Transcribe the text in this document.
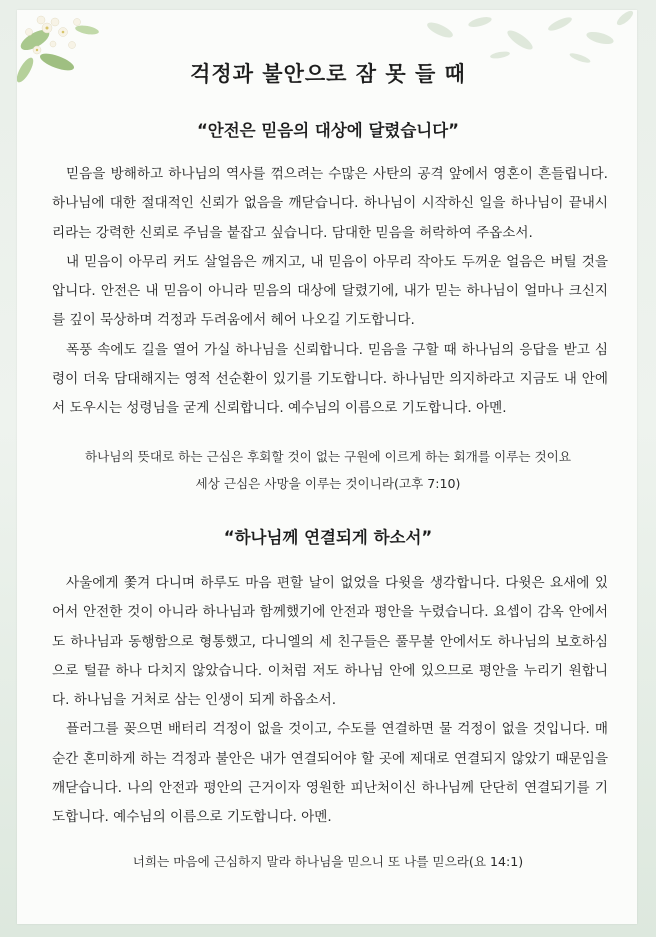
걱정과 불안으로 잠 못 들 때
“안전은 믿음의 대상에 달렸습니다”

믿음을 방해하고 하나님의 역사를 꺾으려는 수많은 사탄의 공격 앞에서 영혼이 흔들립니다. 하나님에 대한 절대적인 신뢰가 없음을 깨닫습니다. 하나님이 시작하신 일을 하나님이 끝내시리라는 강력한 신뢰로 주님을 붙잡고 싶습니다. 담대한 믿음을 허락하여 주옵소서.

내 믿음이 아무리 커도 살얼음은 깨지고, 내 믿음이 아무리 작아도 두꺼운 얼음은 버틸 것을 압니다. 안전은 내 믿음이 아니라 믿음의 대상에 달렸기에, 내가 믿는 하나님이 얼마나 크신지를 깊이 묵상하며 걱정과 두려움에서 헤어 나오길 기도합니다.

폭풍 속에도 길을 열어 가실 하나님을 신뢰합니다. 믿음을 구할 때 하나님의 응답을 받고 심령이 더욱 담대해지는 영적 선순환이 있기를 기도합니다. 하나님만 의지하라고 지금도 내 안에서 도우시는 성령님을 굳게 신뢰합니다. 예수님의 이름으로 기도합니다. 아멘.

하나님의 뜻대로 하는 근심은 후회할 것이 없는 구원에 이르게 하는 회개를 이루는 것이요
세상 근심은 사망을 이루는 것이니라(고후 7:10)
“하나님께 연결되게 하소서”

사울에게 쫓겨 다니며 하루도 마음 편할 날이 없었을 다윗을 생각합니다. 다윗은 요새에 있어서 안전한 것이 아니라 하나님과 함께했기에 안전과 평안을 누렸습니다. 요셉이 감옥 안에서도 하나님과 동행함으로 형통했고, 다니엘의 세 친구들은 풀무불 안에서도 하나님의 보호하심으로 털끝 하나 다치지 않았습니다. 이처럼 저도 하나님 안에 있으므로 평안을 누리기 원합니다. 하나님을 거처로 삼는 인생이 되게 하옵소서.

플러그를 꽂으면 배터리 걱정이 없을 것이고, 수도를 연결하면 물 걱정이 없을 것입니다. 매순간 혼미하게 하는 걱정과 불안은 내가 연결되어야 할 곳에 제대로 연결되지 않았기 때문임을 깨닫습니다. 나의 안전과 평안의 근거이자 영원한 피난처이신 하나님께 단단히 연결되기를 기도합니다. 예수님의 이름으로 기도합니다. 아멘.

너희는 마음에 근심하지 말라 하나님을 믿으니 또 나를 믿으라(요 14:1)
